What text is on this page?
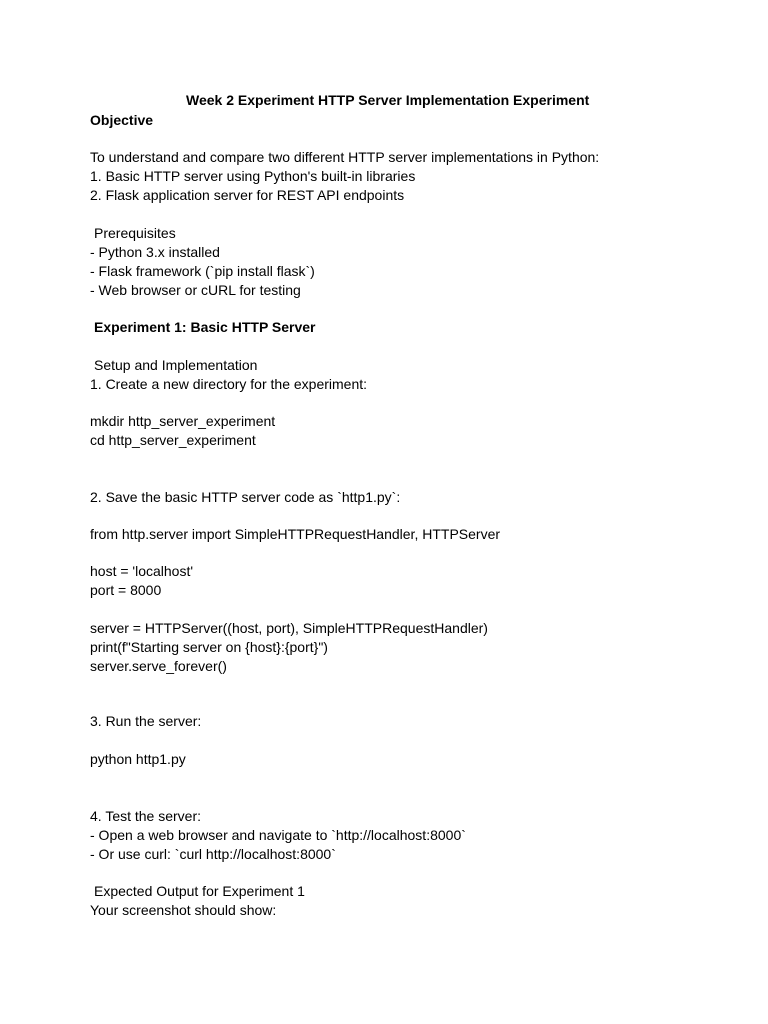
Week 2 Experiment HTTP Server Implementation Experiment
Objective

To understand and compare two different HTTP server implementations in Python:

1. Basic HTTP server using Python's built-in libraries

2. Flask application server for REST API endpoints

Prerequisites

- Python 3.x installed

- Flask framework (`pip install flask`)

- Web browser or cURL for testing

Experiment 1: Basic HTTP Server
Setup and Implementation

1. Create a new directory for the experiment:

mkdir http_server_experiment

cd http_server_experiment

2. Save the basic HTTP server code as `http1.py`:

from http.server import SimpleHTTPRequestHandler, HTTPServer

host = 'localhost'

port = 8000

server = HTTPServer((host, port), SimpleHTTPRequestHandler)

print(f"Starting server on {host}:{port}")

server.serve_forever()

3. Run the server:

python http1.py

4. Test the server:

- Open a web browser and navigate to `http://localhost:8000`

- Or use curl: `curl http://localhost:8000`

Expected Output for Experiment 1

Your screenshot should show:
